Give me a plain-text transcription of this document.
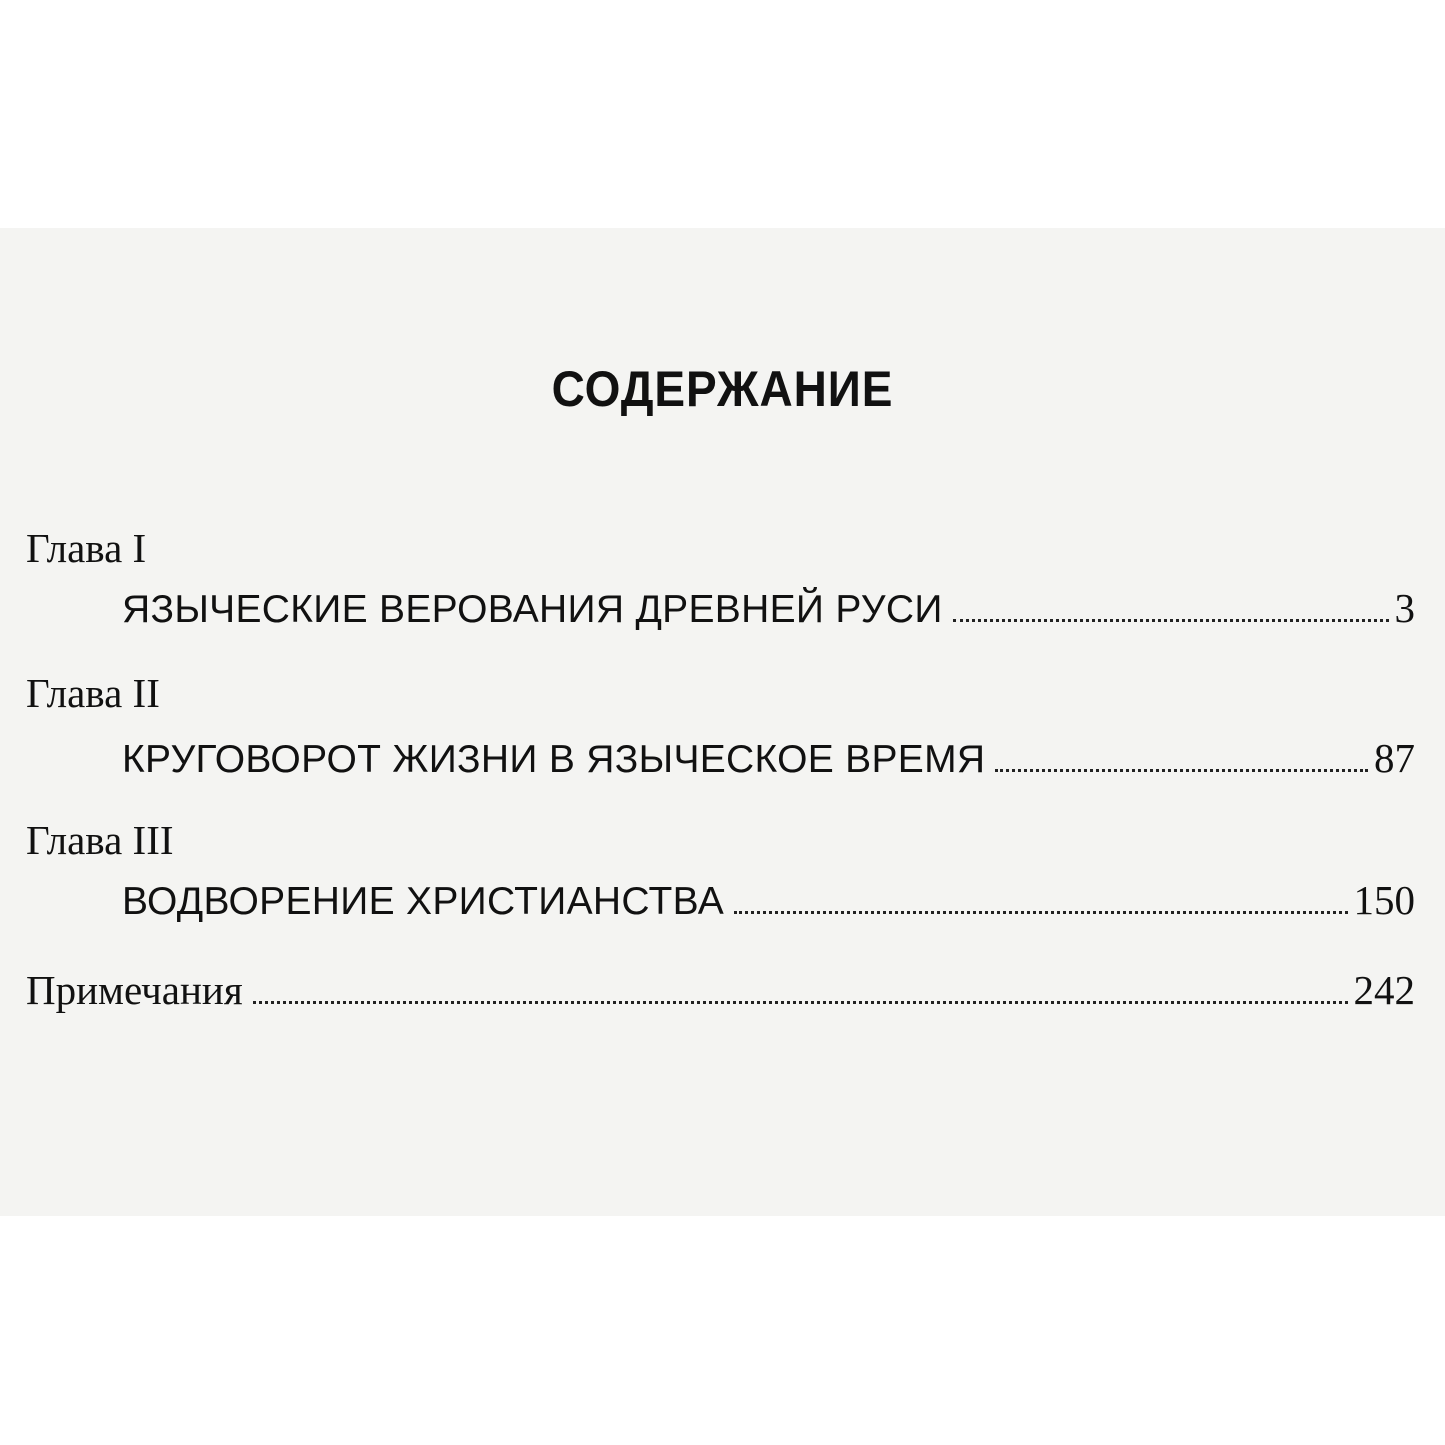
СОДЕРЖАНИЕ
Глава I
ЯЗЫЧЕСКИЕ ВЕРОВАНИЯ ДРЕВНЕЙ РУСИ	3
Глава II
КРУГОВОРОТ ЖИЗНИ В ЯЗЫЧЕСКОЕ ВРЕМЯ	87
Глава III
ВОДВОРЕНИЕ ХРИСТИАНСТВА	150
Примечания	242
